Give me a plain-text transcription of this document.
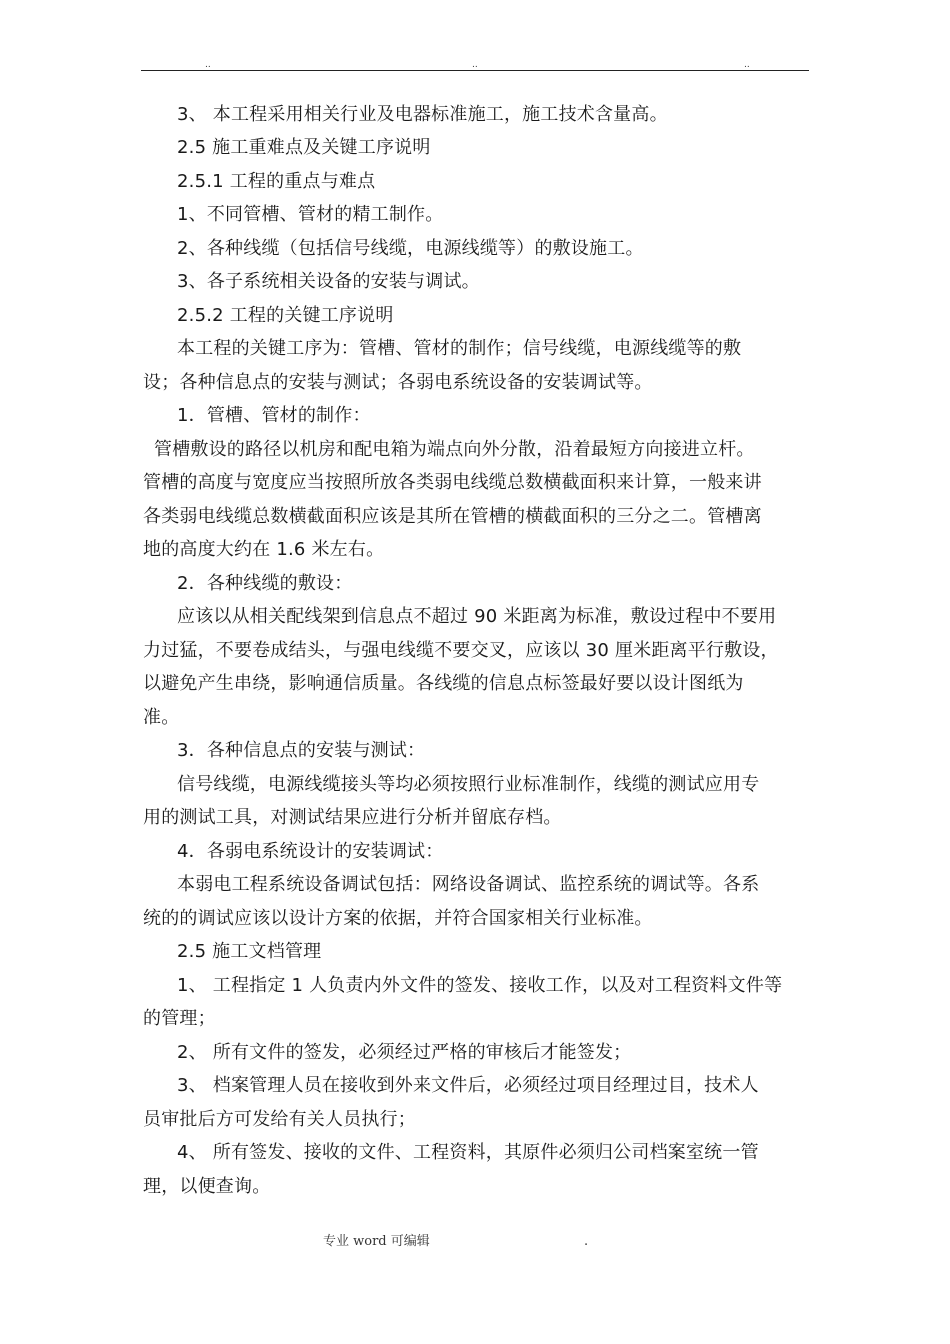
..	..	..
3、 本工程采用相关行业及电器标准施工，施工技术含量高。
2.5 施工重难点及关键工序说明
2.5.1 工程的重点与难点
1、不同管槽、管材的精工制作。
2、各种线缆（包括信号线缆，电源线缆等）的敷设施工。
3、各子系统相关设备的安装与调试。
2.5.2 工程的关键工序说明
本工程的关键工序为：管槽、管材的制作；信号线缆，电源线缆等的敷
设；各种信息点的安装与测试；各弱电系统设备的安装调试等。
1．管槽、管材的制作：
管槽敷设的路径以机房和配电箱为端点向外分散，沿着最短方向接进立杆。
管槽的高度与宽度应当按照所放各类弱电线缆总数横截面积来计算，一般来讲
各类弱电线缆总数横截面积应该是其所在管槽的横截面积的三分之二。管槽离
地的高度大约在 1.6 米左右。
2．各种线缆的敷设：
应该以从相关配线架到信息点不超过 90 米距离为标准，敷设过程中不要用
力过猛，不要卷成结头，与强电线缆不要交叉，应该以 30 厘米距离平行敷设，
以避免产生串绕，影响通信质量。各线缆的信息点标签最好要以设计图纸为
准。
3．各种信息点的安装与测试：
信号线缆，电源线缆接头等均必须按照行业标准制作，线缆的测试应用专
用的测试工具，对测试结果应进行分析并留底存档。
4．各弱电系统设计的安装调试：
本弱电工程系统设备调试包括：网络设备调试、监控系统的调试等。各系
统的的调试应该以设计方案的依据，并符合国家相关行业标准。
2.5 施工文档管理
1、 工程指定 1 人负责内外文件的签发、接收工作，以及对工程资料文件等
的管理；
2、 所有文件的签发，必须经过严格的审核后才能签发；
3、 档案管理人员在接收到外来文件后，必须经过项目经理过目，技术人
员审批后方可发给有关人员执行；
4、 所有签发、接收的文件、工程资料，其原件必须归公司档案室统一管
理，以便查询。
专业 word 可编辑	.
